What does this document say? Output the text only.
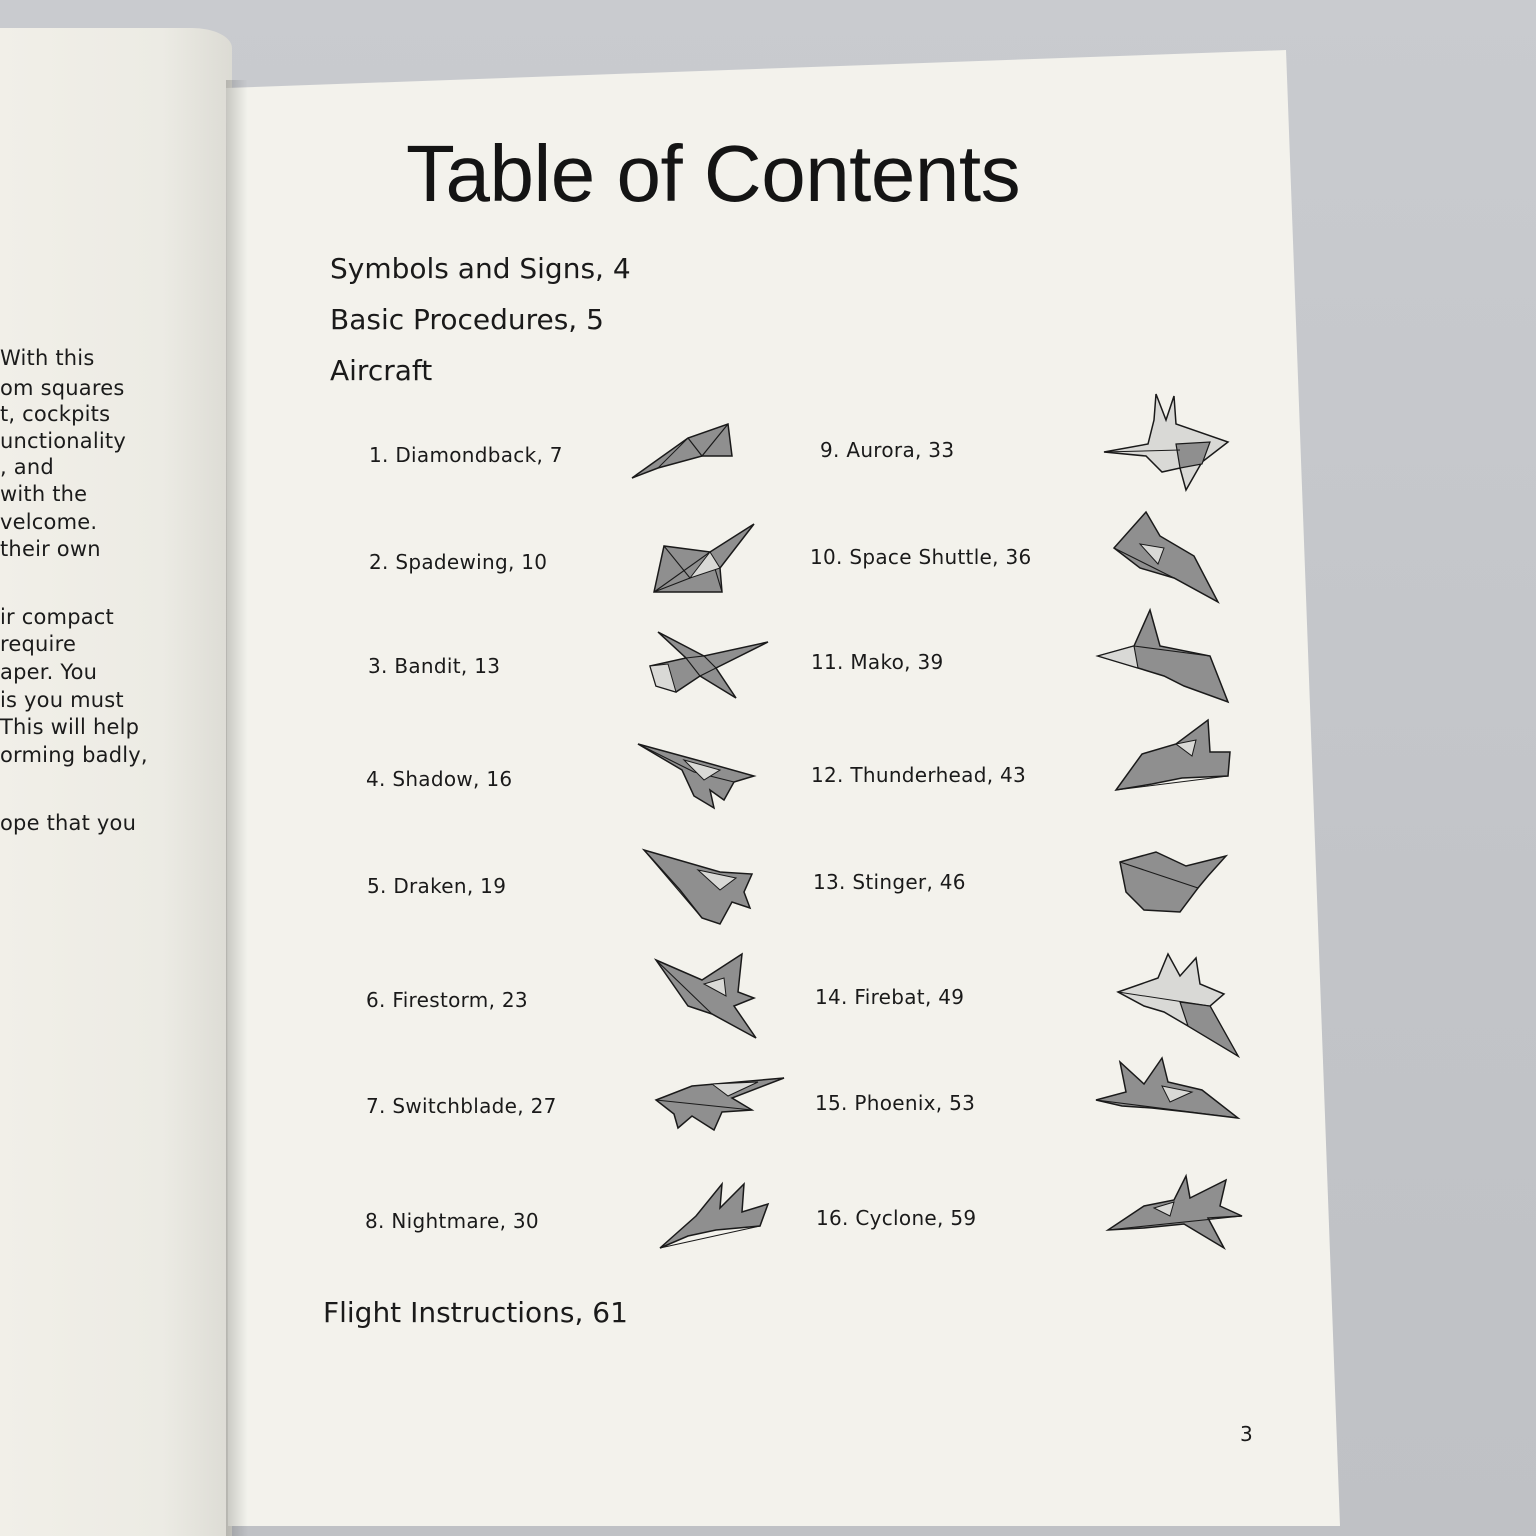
With this
om squares
t, cockpits
unctionality
, and
with the
velcome.
their own
ir compact
require
aper. You
is you must
This will help
orming badly,
ope that you
Table of Contents
Symbols and Signs, 4
Basic Procedures, 5
Aircraft
1. Diamondback, 7
2. Spadewing, 10
3. Bandit, 13
4. Shadow, 16
5. Draken, 19
6. Firestorm, 23
7. Switchblade, 27
8. Nightmare, 30
9. Aurora, 33
10. Space Shuttle, 36
11. Mako, 39
12. Thunderhead, 43
13. Stinger, 46
14. Firebat, 49
15. Phoenix, 53
16. Cyclone, 59
Flight Instructions, 61
3
